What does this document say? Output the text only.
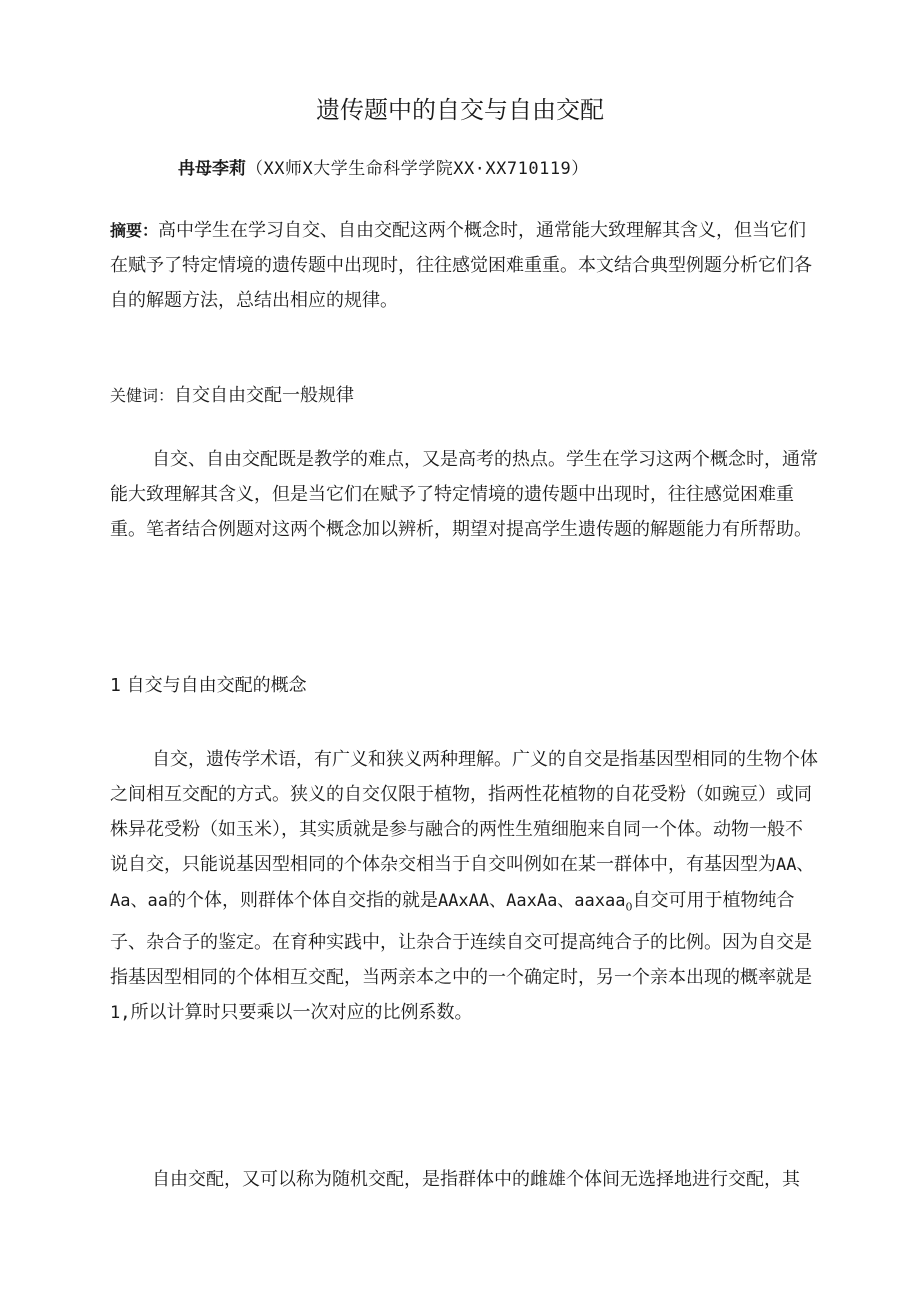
遗传题中的自交与自由交配
冉母李莉（XX师X大学生命科学学院XX·XX710119）

摘要：高中学生在学习自交、自由交配这两个概念时，通常能大致理解其含义，但当它们在赋予了特定情境的遗传题中出现时，往往感觉困难重重。本文结合典型例题分析它们各自的解题方法，总结出相应的规律。

关健词：自交自由交配一般规律

自交、自由交配既是教学的难点，又是高考的热点。学生在学习这两个概念时，通常能大致理解其含义，但是当它们在赋予了特定情境的遗传题中出现时，往往感觉困难重重。笔者结合例题对这两个概念加以辨析，期望对提高学生遗传题的解题能力有所帮助。

1 自交与自由交配的概念

自交，遗传学术语，有广义和狭义两种理解。广义的自交是指基因型相同的生物个体之间相互交配的方式。狭义的自交仅限于植物，指两性花植物的自花受粉（如豌豆）或同株异花受粉（如玉米），其实质就是参与融合的两性生殖细胞来自同一个体。动物一般不说自交，只能说基因型相同的个体杂交相当于自交叫例如在某一群体中，有基因型为AA、Aa、aa的个体，则群体个体自交指的就是AAxAA、AaxAa、aaxaa$_0$自交可用于植物纯合子、杂合子的鉴定。在育种实践中，让杂合于连续自交可提高纯合子的比例。因为自交是指基因型相同的个体相互交配，当两亲本之中的一个确定时，另一个亲本出现的概率就是1,所以计算时只要乘以一次对应的比例系数。

自由交配，又可以称为随机交配，是指群体中的雌雄个体间无选择地进行交配，其
